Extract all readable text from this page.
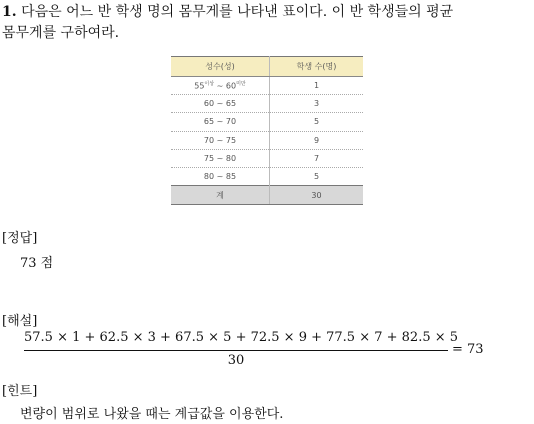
1. 다음은 어느 반 학생 명의 몸무게를 나타낸 표이다. 이 반 학생들의 평균
몸무게를 구하여라.
성수(성)	학생 수(명)
$55^{이상}$ ~ $60^{미만}$	1
60 ~ 65	3
65 ~ 70	5
70 ~ 75	9
75 ~ 80	7
80 ~ 85	5
계	30
[정답]
73 점
[해설]
57.5 × 1 + 62.5 × 3 + 67.5 × 5 + 72.5 × 9 + 77.5 × 7 + 82.5 × 5
30
= 73
[힌트]
변량이 범위로 나왔을 때는 계급값을 이용한다.
